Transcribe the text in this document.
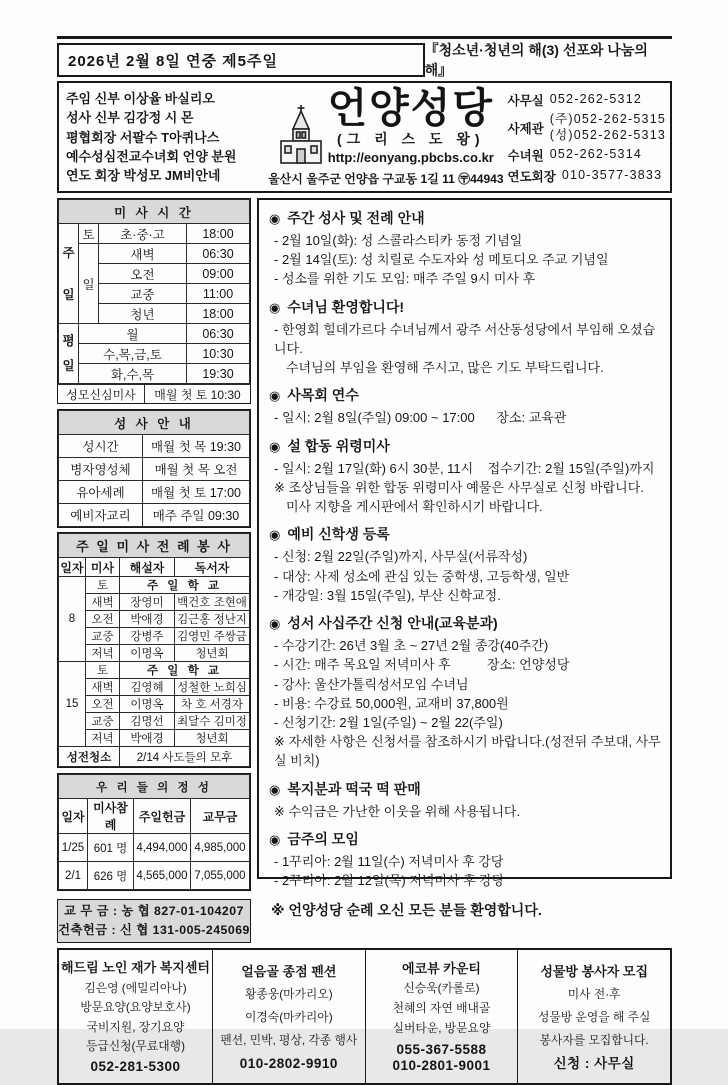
2026년 2월 8일 연중 제5주일
『청소년·청년의 해(3) 선포와 나눔의 해』
주임 신부 이상율 바실리오
성사 신부 김강정 시 몬
평협회장 서팔수 T아퀴나스
예수성심전교수녀회 언양 분원
연도 회장 박성모 JM비안네
언양성당
(그 리 스 도 왕)
http://eonyang.pbcbs.co.kr
울산시 울주군 언양읍 구교동 1길 11 〶44943
사무실 052-262-5312
사제관
(주)052-262-5315
(성)052-262-5313
수녀원 052-262-5314
연도회장 010-3577-3833
미 사 시 간			
주일	토	초·중·고	18:00
	일	새벽	06:30
		오전	09:00
		교중	11:00
		청년	18:00
평일	월		06:30
	수,목,금,토		10:30
	화,수,목		19:30
성모신심미사	매월 첫 토 10:30
성 사 안 내	
성시간	매월 첫 목 19:30
병자영성체	매월 첫 목 오전
유아세례	매월 첫 토 17:00
예비자교리	매주 주일 09:30
주 일 미 사 전 례 봉 사			
일자	미사	해설자	독서자
8	토	주 일 학 교	
	새벽	장영미	백건호 조현애
	오전	박애경	김근홍 정난지
	교중	강병주	김영민 주쌍금
	저녁	이명옥	청년회
15	토	주 일 학 교	
	새벽	김영혜	성철한 노희심
	오전	이명옥	차 호 서경자
	교중	김명선	최달수 김미정
	저녁	박애경	청년회
성전청소		2/14 사도들의 모후	
우 리 들 의 정 성			
일자	미사참례	주일헌금	교무금
1/25	601 명	4,494,000	4,985,000
2/1	626 명	4,565,000	7,055,000
교 무 금 : 농 협 827-01-104207
건축헌금 : 신 협 131-005-245069
◉ 주간 성사 및 전례 안내
- 2월 10일(화): 성 스콜라스티카 동정 기념일
- 2월 14일(토): 성 치릴로 수도자와 성 메토디오 주교 기념일
- 성소를 위한 기도 모임: 매주 주일 9시 미사 후
◉ 수녀님 환영합니다!
- 한영회 힐데가르다 수녀님께서 광주 서산동성당에서 부임해 오셨습니다.
수녀님의 부임을 환영해 주시고, 많은 기도 부탁드립니다.
◉ 사목회 연수
- 일시: 2월 8일(주일) 09:00 ~ 17:00      장소: 교육관
◉ 설 합동 위령미사
- 일시: 2월 17일(화) 6시 30분, 11시    접수기간: 2월 15일(주일)까지
※ 조상님들을 위한 합동 위령미사 예물은 사무실로 신청 바랍니다.
미사 지향을 게시판에서 확인하시기 바랍니다.
◉ 예비 신학생 등록
- 신청: 2월 22일(주일)까지, 사무실(서류작성)
- 대상: 사제 성소에 관심 있는 중학생, 고등학생, 일반
- 개강일: 3월 15일(주일), 부산 신학교정.
◉ 성서 사십주간 신청 안내(교육분과)
- 수강기간: 26년 3월 초 ~ 27년 2월 종강(40주간)
- 시간: 매주 목요일 저녁미사 후          장소: 언양성당
- 강사: 울산가톨릭성서모임 수녀님
- 비용: 수강료 50,000원, 교재비 37,800원
- 신청기간: 2월 1일(주일) ~ 2월 22(주일)
※ 자세한 사항은 신청서를 참조하시기 바랍니다.(성전뒤 주보대, 사무실 비치)
◉ 복지분과 떡국 떡 판매
※ 수익금은 가난한 이웃을 위해 사용됩니다.
◉ 금주의 모임
- 1꾸리아: 2월 11일(수) 저녁미사 후 강당
- 2꾸리아: 2월 12일(목) 저녁미사 후 강당
※ 언양성당 순례 오신 모든 분들 환영합니다.
해드림 노인 재가 복지센터
김은영 (에밀리아나)
방문요양(요양보호사)
국비지원, 장기요양
등급신청(무료대행)
052-281-5300
얼음골 종점 펜션
황종웅(마가리오)
이경숙(마카리아)
펜션, 민박, 평상, 각종 행사
010-2802-9910
에코뷰 카운티
신승욱(카롤로)
천혜의 자연 배내골
실버타운, 방문요양
055-367-5588
010-2801-9001
성물방 봉사자 모집
미사 전·후
성물방 운영을 해 주실
봉사자를 모집합니다.
신청 : 사무실
